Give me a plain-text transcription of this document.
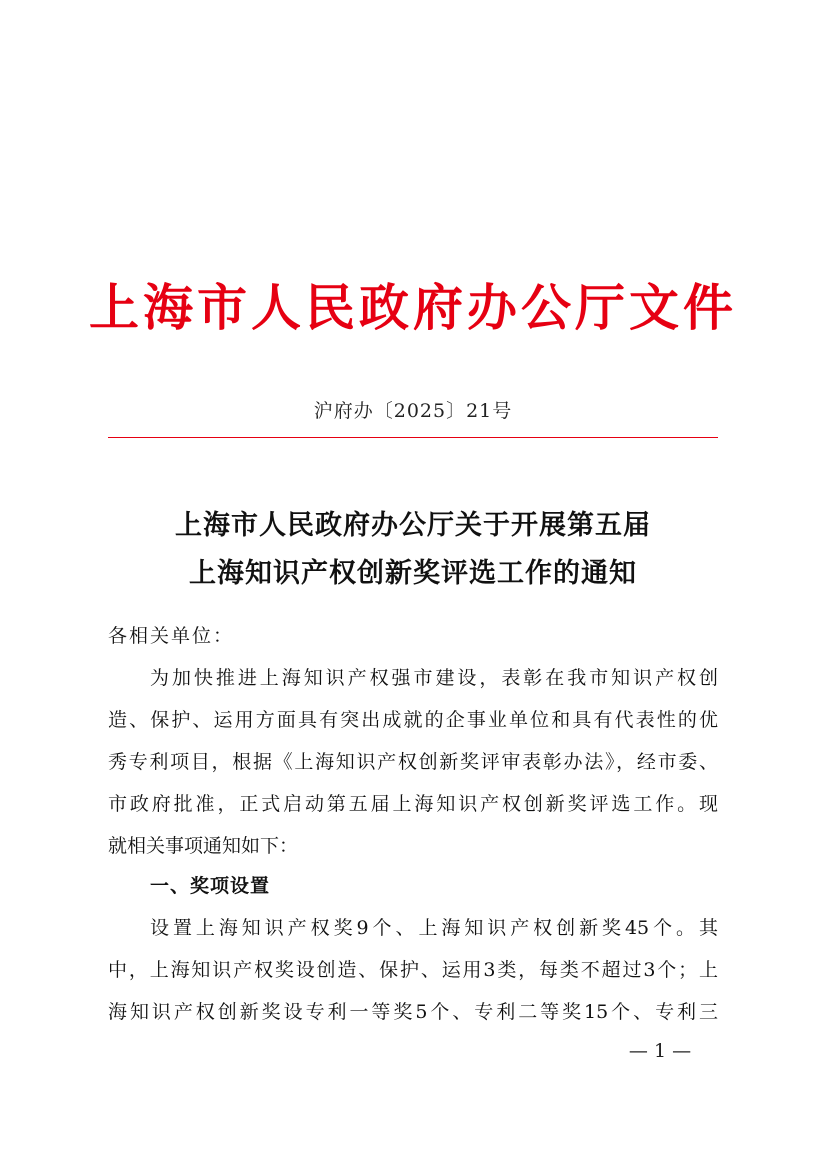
上海市人民政府办公厅文件
沪府办〔2025〕21号
上海市人民政府办公厅关于开展第五届
上海知识产权创新奖评选工作的通知
各相关单位：
为加快推进上海知识产权强市建设，表彰在我市知识产权创
造、保护、运用方面具有突出成就的企事业单位和具有代表性的优
秀专利项目，根据《上海知识产权创新奖评审表彰办法》，经市委、
市政府批准，正式启动第五届上海知识产权创新奖评选工作。现
就相关事项通知如下：
一、奖项设置
设置上海知识产权奖9个、上海知识产权创新奖45个。其
中，上海知识产权奖设创造、保护、运用3类，每类不超过3个；上
海知识产权创新奖设专利一等奖5个、专利二等奖15个、专利三
— 1 —
